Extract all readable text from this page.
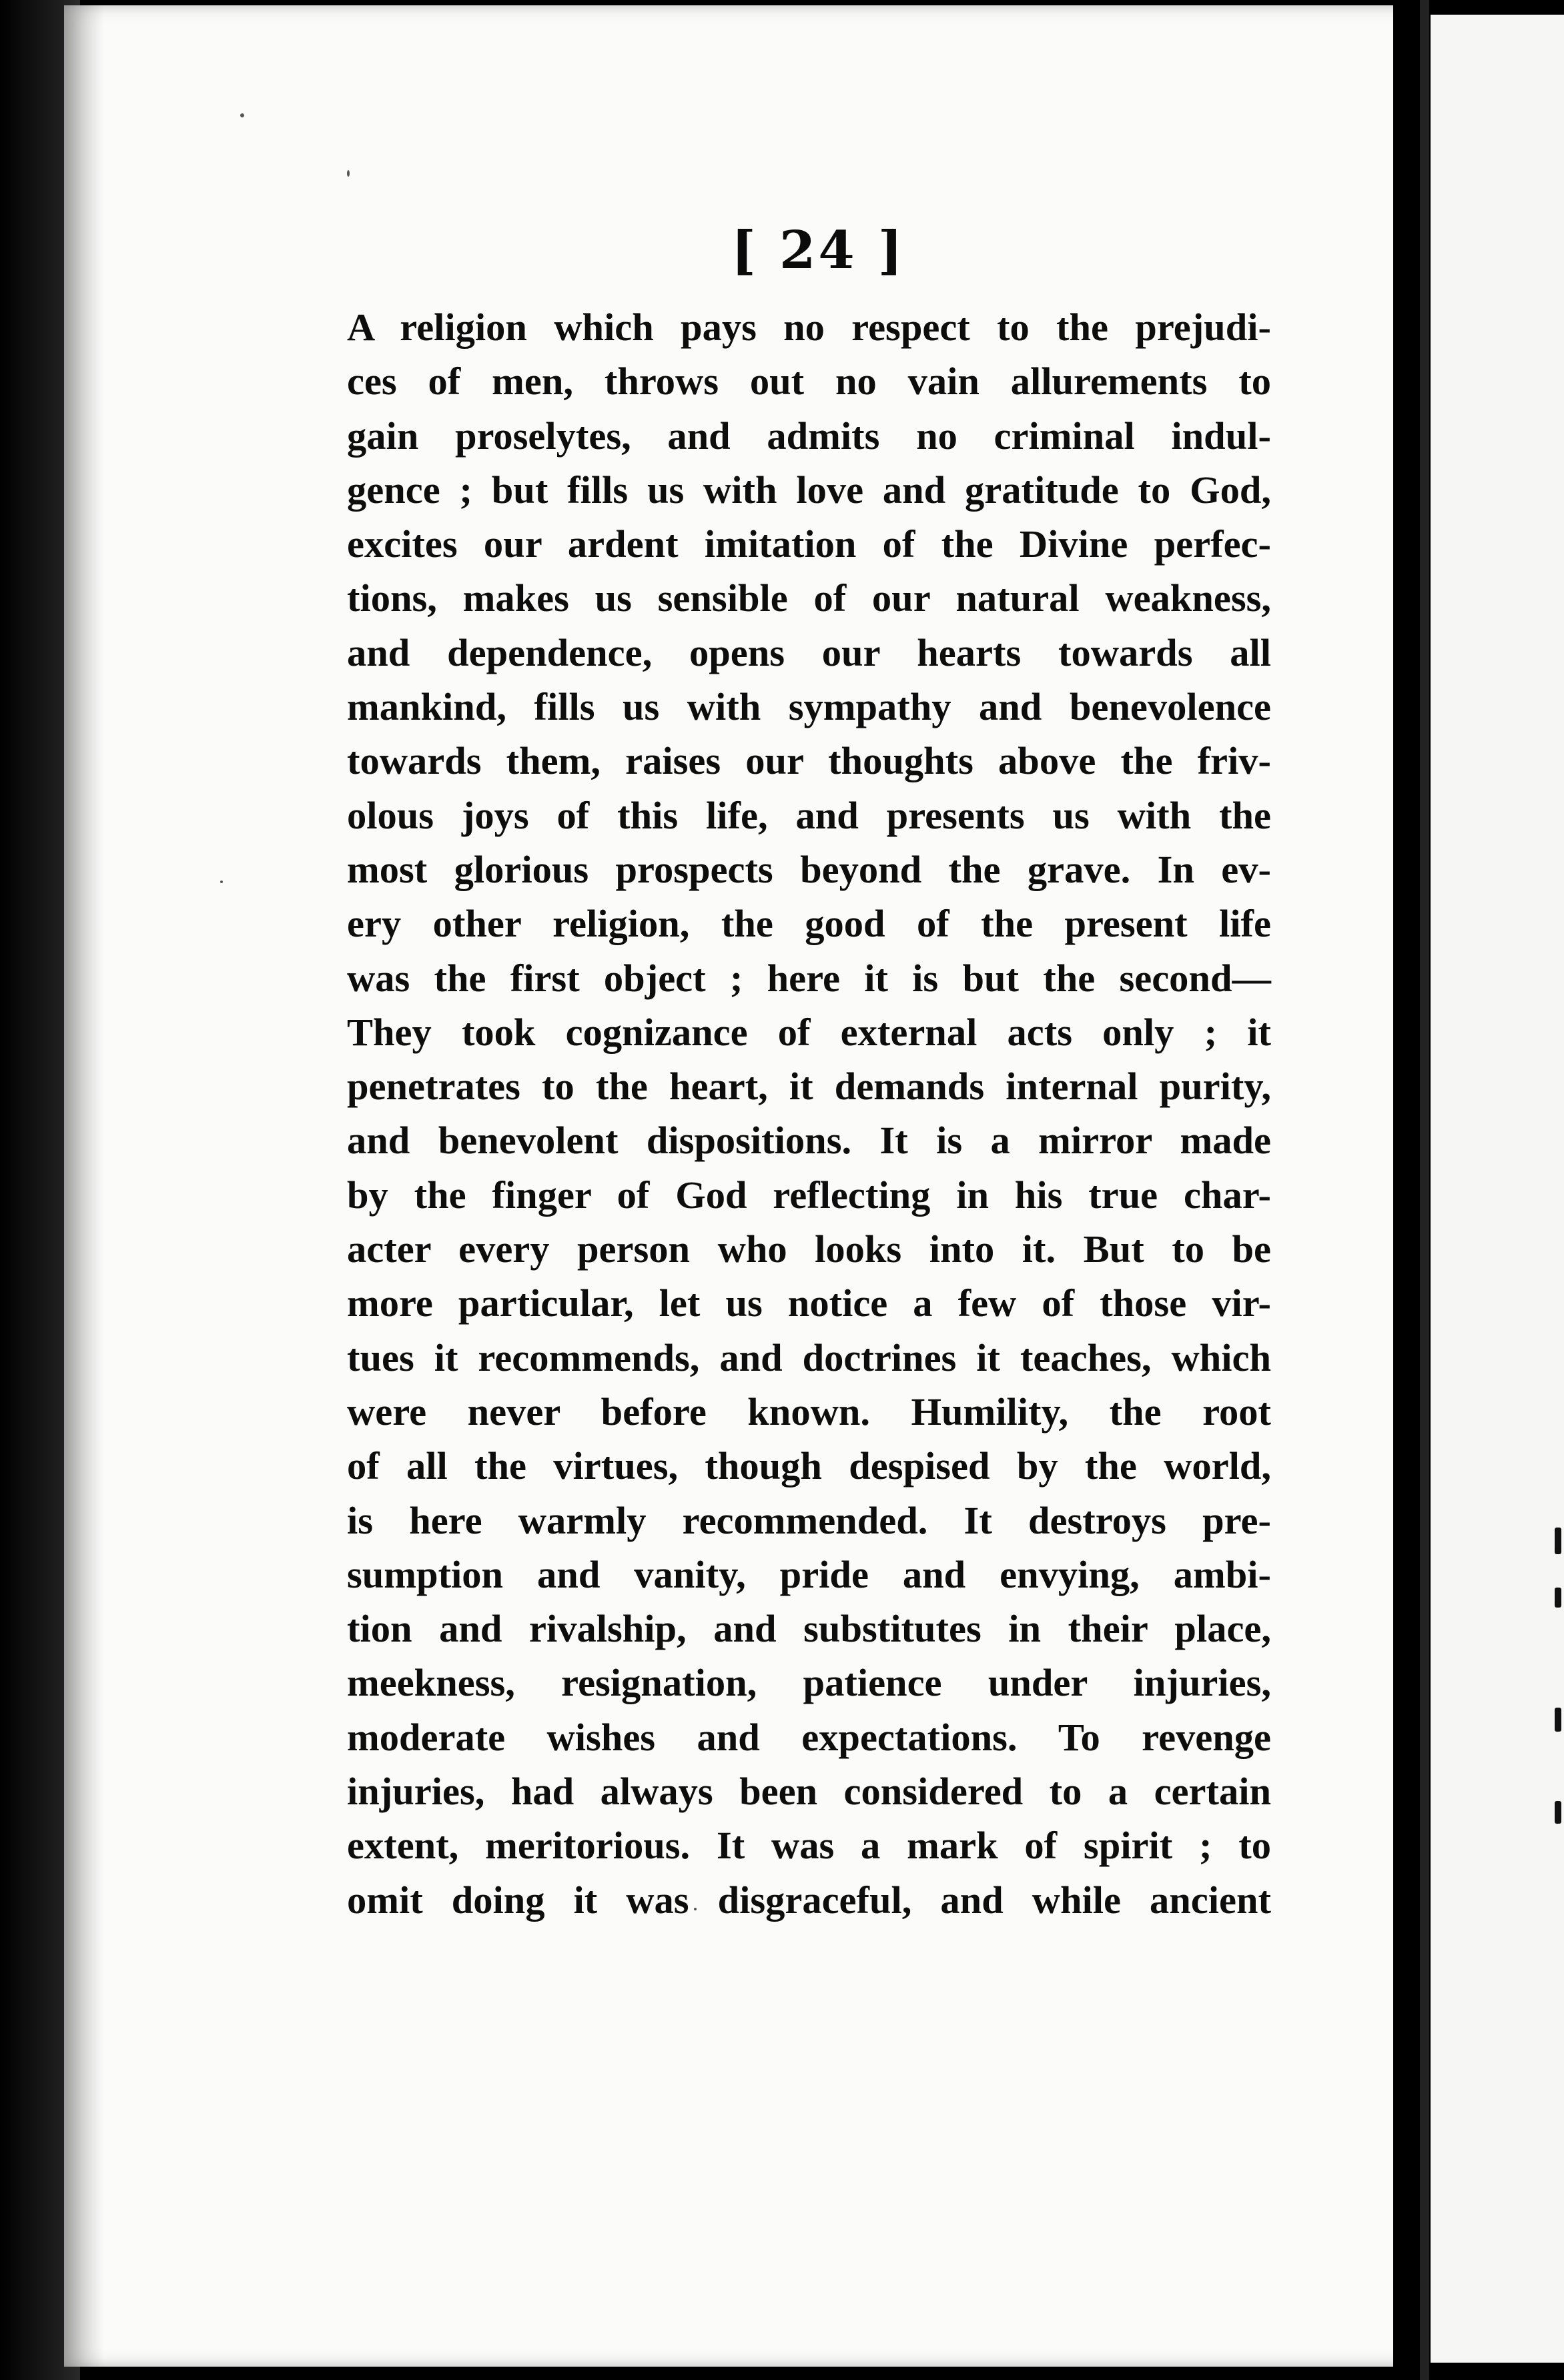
[ 24 ]
A religion which pays no respect to the prejudi-
ces of men, throws out no vain allurements to
gain proselytes, and admits no criminal indul-
gence ; but fills us with love and gratitude to God,
excites our ardent imitation of the Divine perfec-
tions, makes us sensible of our natural weakness,
and dependence, opens our hearts towards all
mankind, fills us with sympathy and benevolence
towards them, raises our thoughts above the friv-
olous joys of this life, and presents us with the
most glorious prospects beyond the grave. In ev-
ery other religion, the good of the present life
was the first object ; here it is but the second—
They took cognizance of external acts only ; it
penetrates to the heart, it demands internal purity,
and benevolent dispositions. It is a mirror made
by the finger of God reflecting in his true char-
acter every person who looks into it. But to be
more particular, let us notice a few of those vir-
tues it recommends, and doctrines it teaches, which
were never before known. Humility, the root
of all the virtues, though despised by the world,
is here warmly recommended. It destroys pre-
sumption and vanity, pride and envying, ambi-
tion and rivalship, and substitutes in their place,
meekness, resignation, patience under injuries,
moderate wishes and expectations. To revenge
injuries, had always been considered to a certain
extent, meritorious. It was a mark of spirit ; to
omit doing it was disgraceful, and while ancient
